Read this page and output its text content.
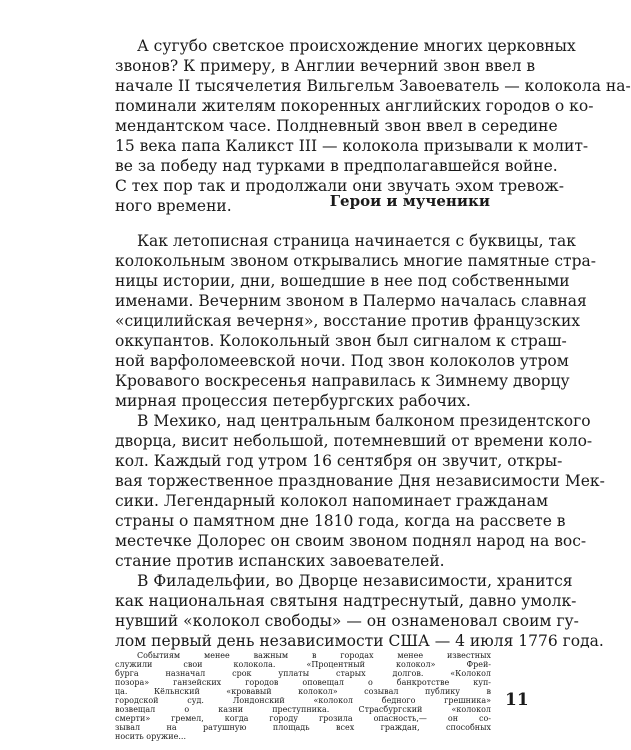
А сугубо светское происхождение многих церковных
звонов? К примеру, в Англии вечерний звон ввел в
начале II тысячелетия Вильгельм Завоеватель — колокола на-
поминали жителям покоренных английских городов о ко-
мендантском часе. Полдневный звон ввел в середине
15 века папа Каликст III — колокола призывали к молит-
ве за победу над турками в предполагавшейся войне.
С тех пор так и продолжали они звучать эхом тревож-
ного времени.	Герои и мученики
Как летописная страница начинается с буквицы, так
колокольным звоном открывались многие памятные стра-
ницы истории, дни, вошедшие в нее под собственными
именами. Вечерним звоном в Палермо началась славная
«сицилийская вечерня», восстание против французских
оккупантов. Колокольный звон был сигналом к страш-
ной варфоломеевской ночи. Под звон колоколов утром
Кровавого воскресенья направилась к Зимнему дворцу
мирная процессия петербургских рабочих.
В Мехико, над центральным балконом президентского
дворца, висит небольшой, потемневший от времени коло-
кол. Каждый год утром 16 сентября он звучит, откры-
вая торжественное празднование Дня независимости Мек-
сики. Легендарный колокол напоминает гражданам
страны о памятном дне 1810 года, когда на рассвете в
местечке Долорес он своим звоном поднял народ на вос-
стание против испанских завоевателей.
В Филадельфии, во Дворце независимости, хранится
как национальная святыня надтреснутый, давно умолк-
нувший «колокол свободы» — он ознаменовал своим гу-
лом первый день независимости США — 4 июля 1776 года.
Событиям менее важным в городах менее известных
служили свои колокола. «Процентный колокол» Фрей-
бурга назначал срок уплаты старых долгов. «Колокол
позора» ганзейских городов оповещал о банкротстве куп-
ца. Кёльнский «кровавый колокол» созывал публику в 11
городской суд. Лондонский «колокол бедного грешника»
возвещал о казни преступника. Страсбургский «колокол
смерти» гремел, когда городу грозила опасность,— он со-
зывал на ратушную площадь всех граждан, способных
носить оружие...
